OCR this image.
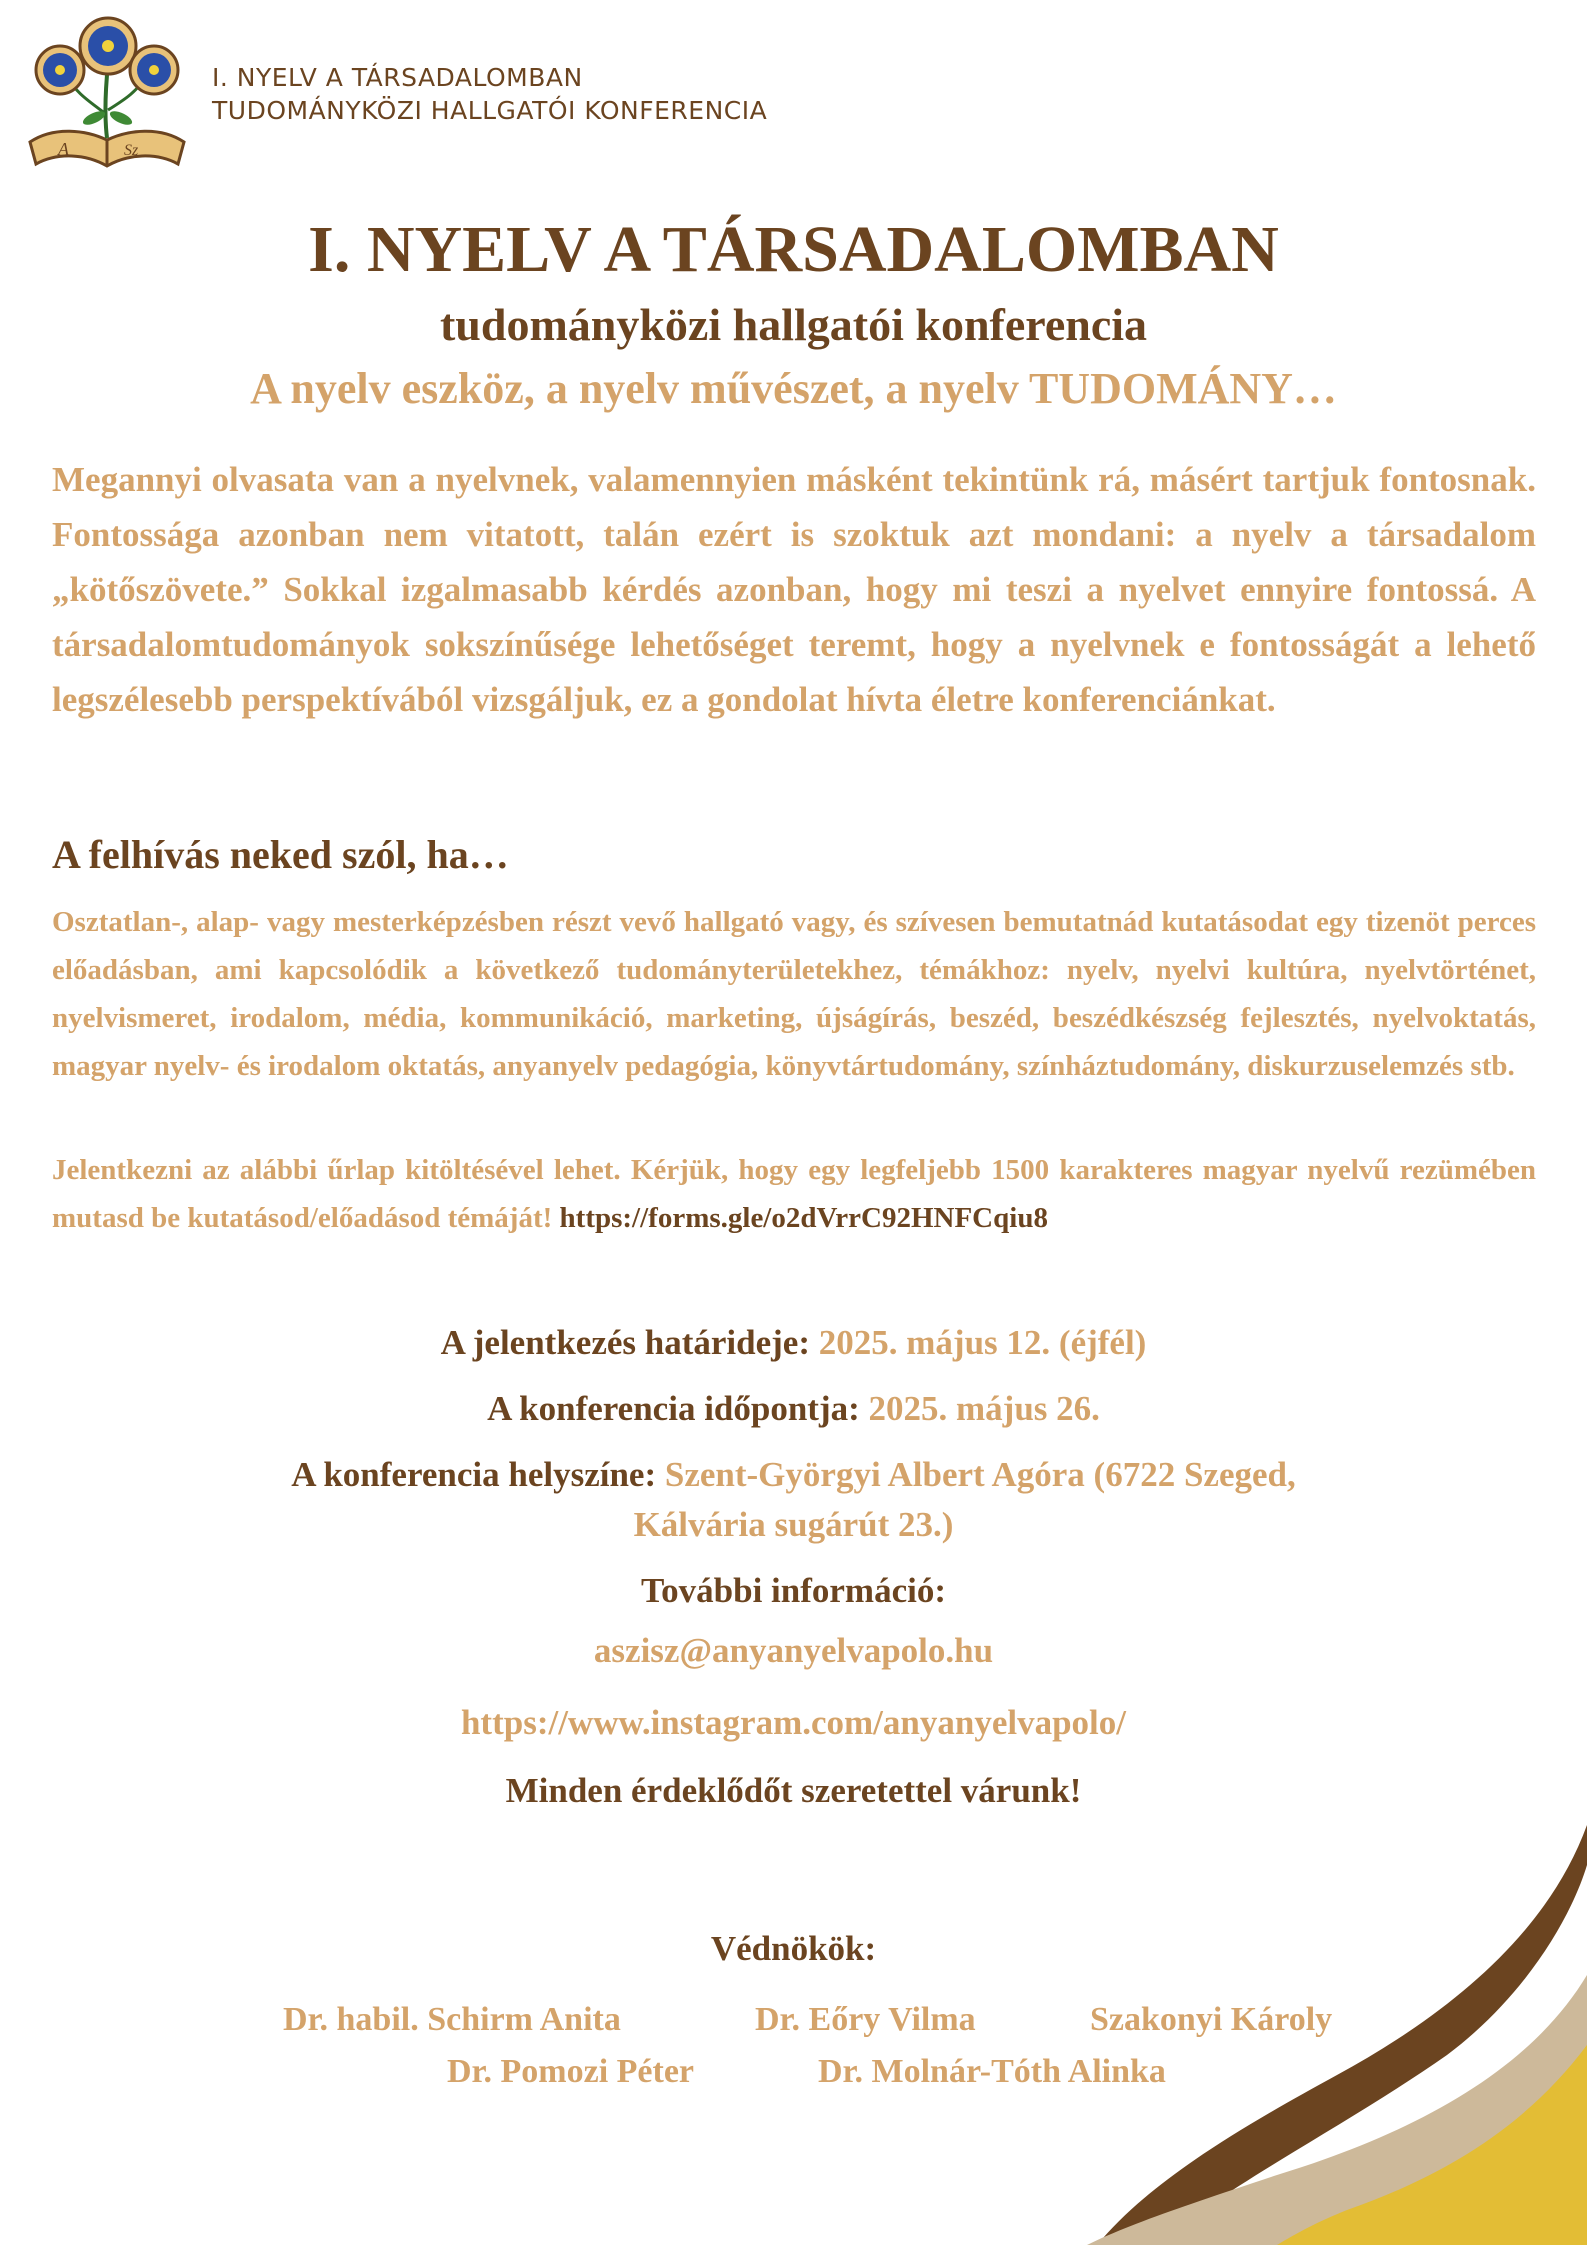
A	Sz
I. NYELV A TÁRSADALOMBAN
TUDOMÁNYKÖZI HALLGATÓI KONFERENCIA
I. NYELV A TÁRSADALOMBAN
tudományközi hallgatói konferencia
A nyelv eszköz, a nyelv művészet, a nyelv TUDOMÁNY…

Megannyi olvasata van a nyelvnek, valamennyien másként tekintünk rá, másért tartjuk fontosnak. Fontossága azonban nem vitatott, talán ezért is szoktuk azt mondani: a nyelv a társadalom „kötőszövete.” Sokkal izgalmasabb kérdés azonban, hogy mi teszi a nyelvet ennyire fontossá. A társadalomtudományok sokszínűsége lehetőséget teremt, hogy a nyelvnek e fontosságát a lehető legszélesebb perspektívából vizsgáljuk, ez a gondolat hívta életre konferenciánkat.

A felhívás neked szól, ha…

Osztatlan-, alap- vagy mesterképzésben részt vevő hallgató vagy, és szívesen bemutatnád kutatásodat egy tizenöt perces előadásban, ami kapcsolódik a következő tudományterületekhez, témákhoz: nyelv, nyelvi kultúra, nyelvtörténet, nyelvismeret, irodalom, média, kommunikáció, marketing, újságírás, beszéd, beszédkészség fejlesztés, nyelvoktatás, magyar nyelv- és irodalom oktatás, anyanyelv pedagógia, könyvtártudomány, színháztudomány, diskurzuselemzés stb.

Jelentkezni az alábbi űrlap kitöltésével lehet. Kérjük, hogy egy legfeljebb 1500 karakteres magyar nyelvű rezümében mutasd be kutatásod/előadásod témáját! https://forms.gle/o2dVrrC92HNFCqiu8

A jelentkezés határideje: 2025. május 12. (éjfél)

A konferencia időpontja: 2025. május 26.

A konferencia helyszíne: Szent-Györgyi Albert Agóra (6722 Szeged,

Kálvária sugárút 23.)

További információ:

aszisz@anyanyelvapolo.hu

https://www.instagram.com/anyanyelvapolo/

Minden érdeklődőt szeretettel várunk!

Védnökök:
Dr. habil. Schirm Anita	Dr. Eőry Vilma	Szakonyi Károly
Dr. Pomozi Péter	Dr. Molnár-Tóth Alinka
